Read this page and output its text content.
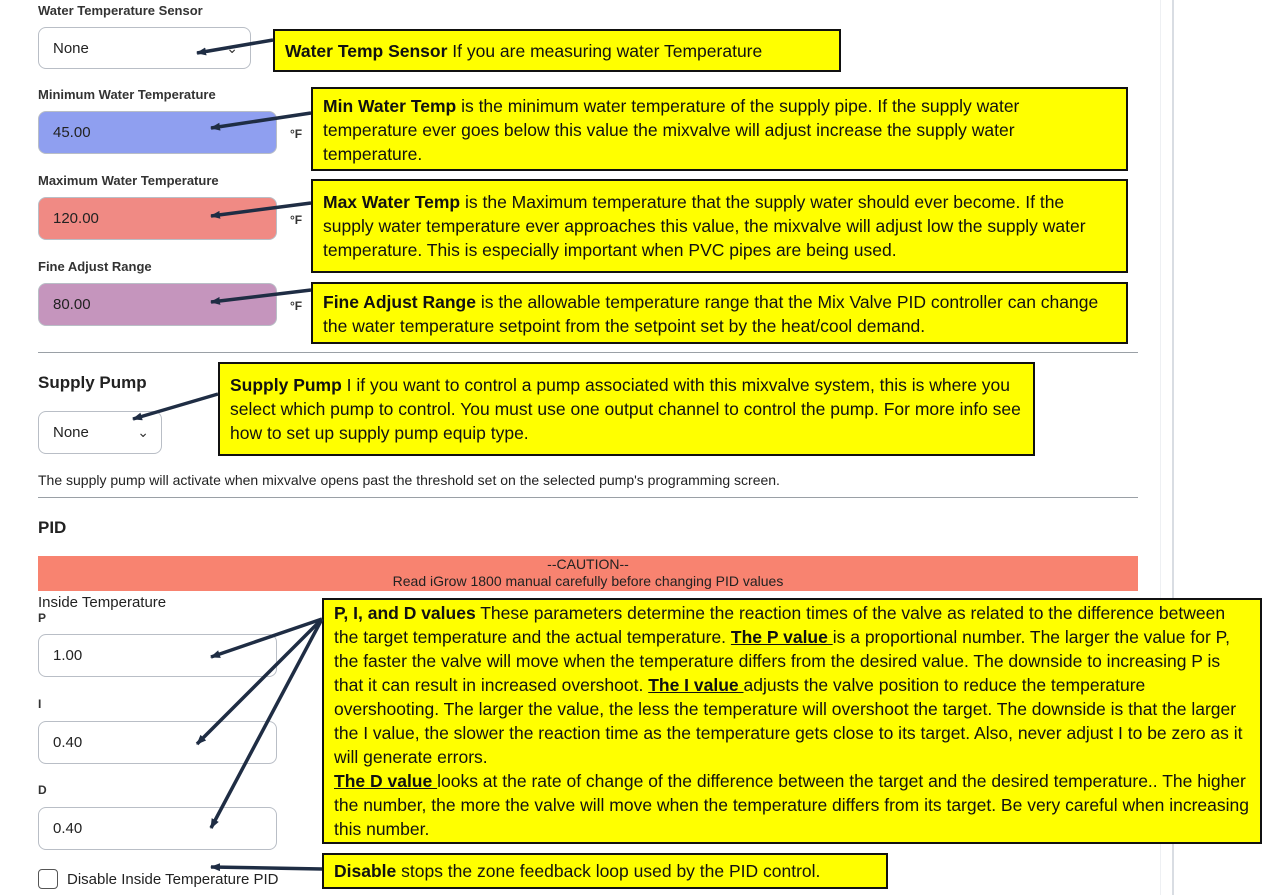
Water Temperature Sensor
None	⌄
Minimum Water Temperature
45.00	°F
Maximum Water Temperature
120.00	°F
Fine Adjust Range
80.00	°F
Supply Pump
None	⌄
The supply pump will activate when mixvalve opens past the threshold set on the selected pump's programming screen.
PID
--CAUTION--
Read iGrow 1800 manual carefully before changing PID values
Inside Temperature
P
1.00
I
0.40
D
0.40
Disable Inside Temperature PID
Water Temp Sensor If you are measuring water Temperature
Min Water Temp is the minimum water temperature of the supply pipe. If the supply water temperature ever goes below this value the mixvalve will adjust increase the supply water temperature.
Max Water Temp is the Maximum temperature that the supply water should ever become. If the supply water temperature ever approaches this value, the mixvalve will adjust low the supply water temperature. This is especially important when PVC pipes are being used.
Fine Adjust Range is the allowable temperature range that the Mix Valve PID controller can change the water temperature setpoint from the setpoint set by the heat/cool demand.
Supply Pump I if you want to control a pump associated with this mixvalve system, this is where you select which pump to control. You must use one output channel to control the pump. For more info see how to set up supply pump equip type.
P, I, and D values These parameters determine the reaction times of the valve as related to the difference between the target temperature and the actual temperature. The P value is a proportional number. The larger the value for P, the faster the valve will move when the temperature differs from the desired value. The downside to increasing P is that it can result in increased overshoot. The I value adjusts the valve position to reduce the temperature overshooting. The larger the value, the less the temperature will overshoot the target. The downside is that the larger the I value, the slower the reaction time as the temperature gets close to its target. Also, never adjust I to be zero as it will generate errors.
The D value looks at the rate of change of the difference between the target and the desired temperature.. The higher the number, the more the valve will move when the temperature differs from its target. Be very careful when increasing this number.
Disable stops the zone feedback loop used by the PID control.
